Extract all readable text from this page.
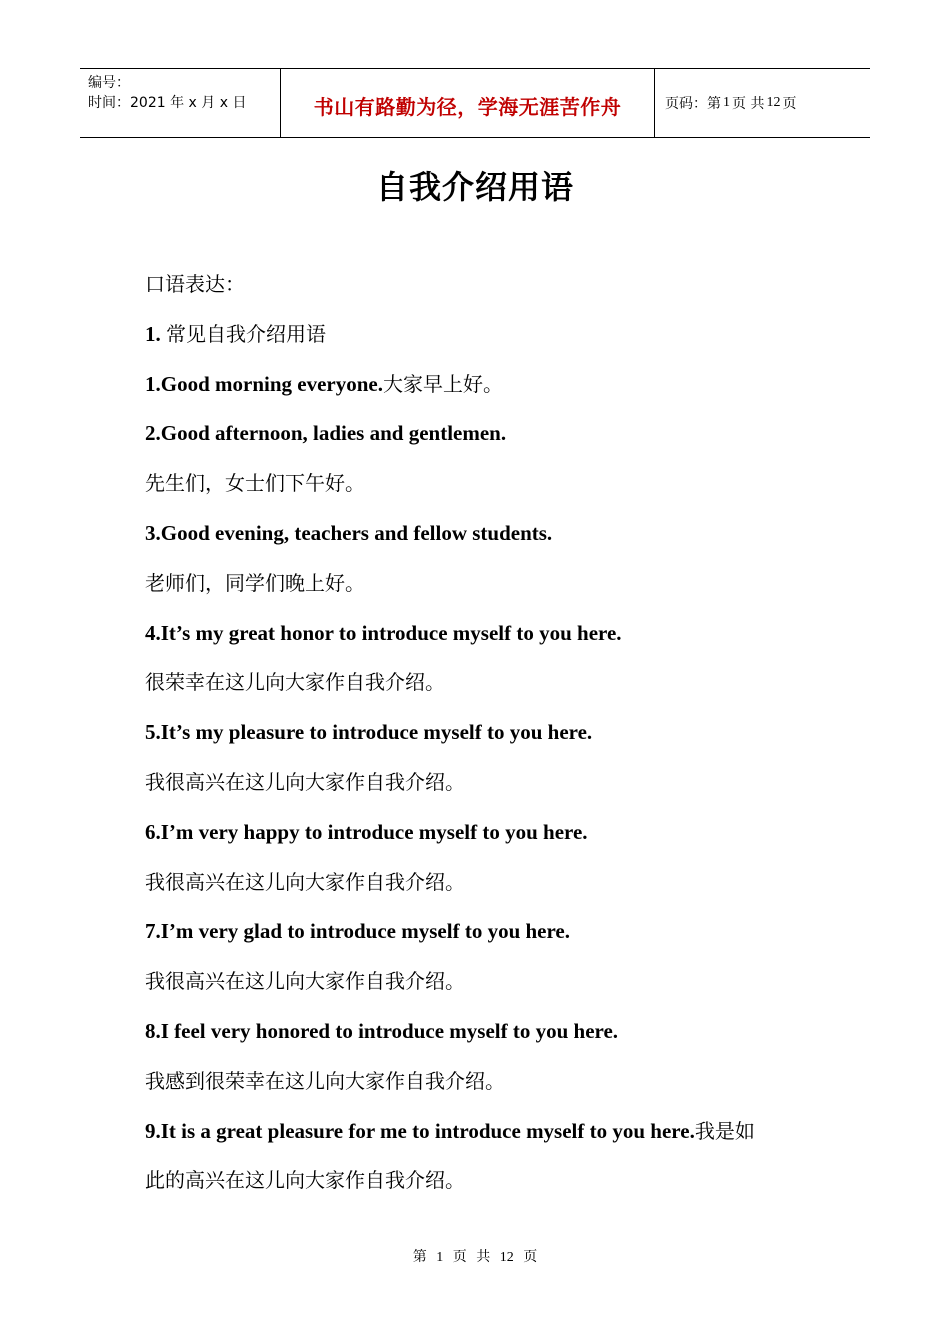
编号：
时间：2021 年 x 月 x 日	书山有路勤为径，学海无涯苦作舟	页码：第 1 页 共 12 页
自我介绍用语
口语表达：
1. 常见自我介绍用语
1.Good morning everyone.大家早上好。
2.Good afternoon, ladies and gentlemen.
先生们，女士们下午好。
3.Good evening, teachers and fellow students.
老师们，同学们晚上好。
4.It’s my great honor to introduce myself to you here.
很荣幸在这儿向大家作自我介绍。
5.It’s my pleasure to introduce myself to you here.
我很高兴在这儿向大家作自我介绍。
6.I’m very happy to introduce myself to you here.
我很高兴在这儿向大家作自我介绍。
7.I’m very glad to introduce myself to you here.
我很高兴在这儿向大家作自我介绍。
8.I feel very honored to introduce myself to you here.
我感到很荣幸在这儿向大家作自我介绍。
9.It is a great pleasure for me to introduce myself to you here.我是如
此的高兴在这儿向大家作自我介绍。
第 1 页 共 12 页
